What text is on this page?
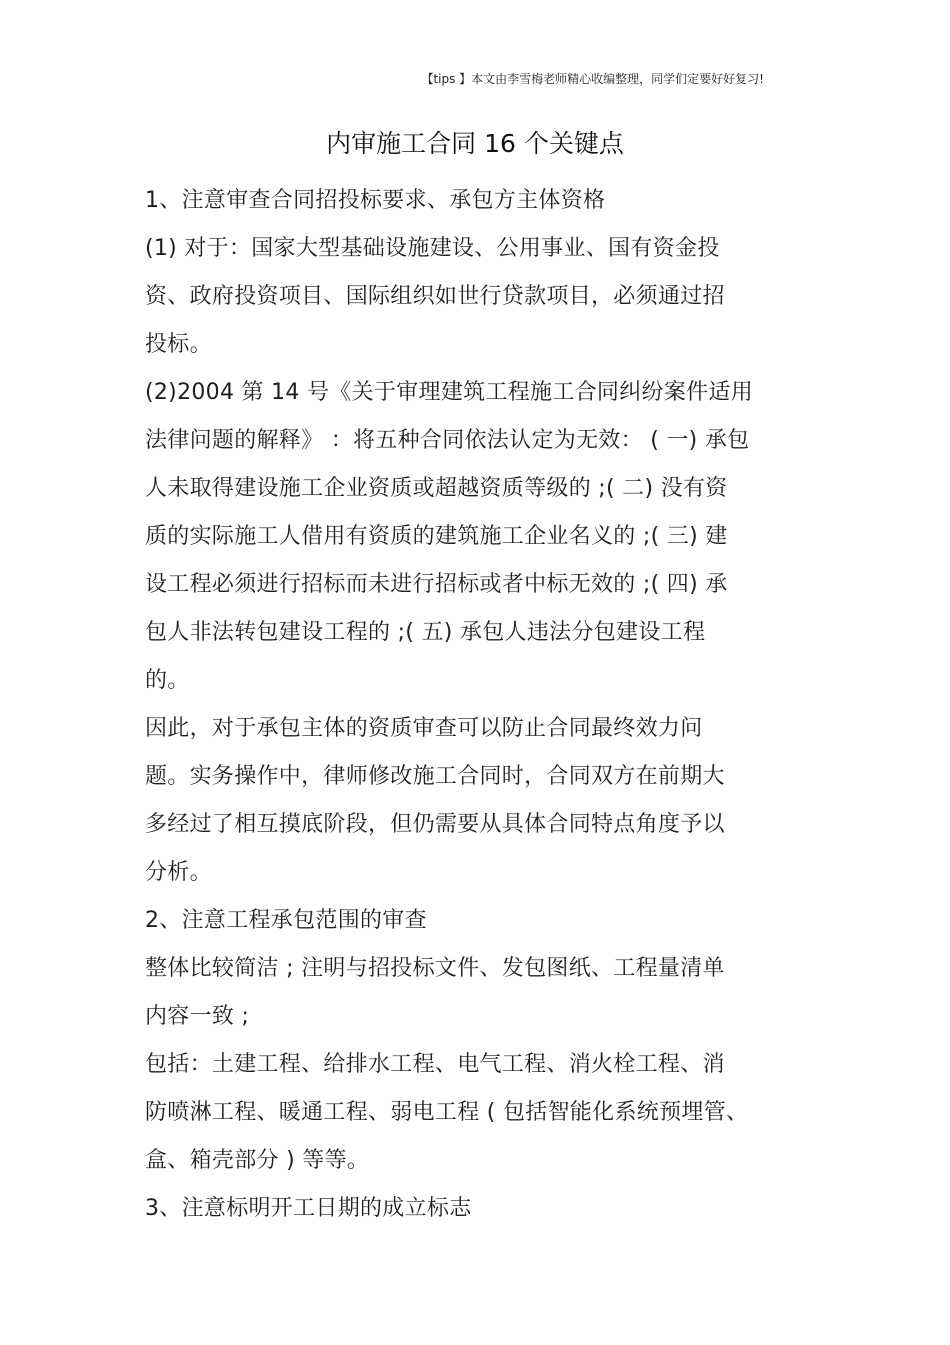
【tips 】本文由李雪梅老师精心收编整理，同学们定要好好复习!
内审施工合同 16 个关键点
1、注意审查合同招投标要求、承包方主体资格
(1) 对于：国家大型基础设施建设、公用事业、国有资金投
资、政府投资项目、国际组织如世行贷款项目，必须通过招
投标。
(2)2004 第 14 号《关于审理建筑工程施工合同纠纷案件适用
法律问题的解释》 ：将五种合同依法认定为无效： ( 一) 承包
人未取得建设施工企业资质或超越资质等级的 ;( 二) 没有资
质的实际施工人借用有资质的建筑施工企业名义的 ;( 三) 建
设工程必须进行招标而未进行招标或者中标无效的 ;( 四) 承
包人非法转包建设工程的 ;( 五) 承包人违法分包建设工程
的。
因此，对于承包主体的资质审查可以防止合同最终效力问
题。实务操作中，律师修改施工合同时，合同双方在前期大
多经过了相互摸底阶段，但仍需要从具体合同特点角度予以
分析。
2、注意工程承包范围的审查
整体比较简洁 ; 注明与招投标文件、发包图纸、工程量清单
内容一致 ;
包括：土建工程、给排水工程、电气工程、消火栓工程、消
防喷淋工程、暖通工程、弱电工程 ( 包括智能化系统预埋管、
盒、箱壳部分 ) 等等。
3、注意标明开工日期的成立标志
